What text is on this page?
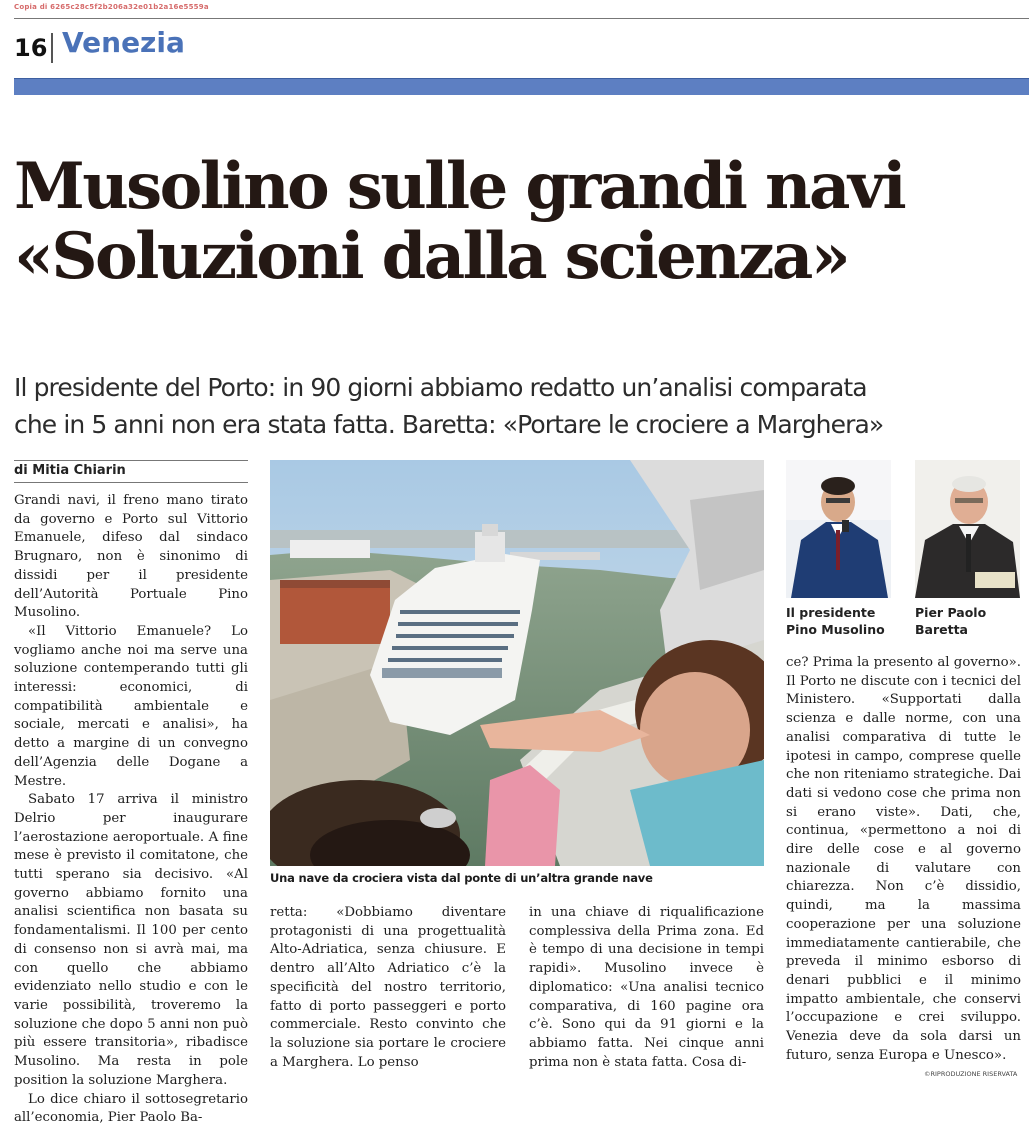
Copia di 6265c28c5f2b206a32e01b2a16e5559a
16 Venezia
Musolino sulle grandi navi
«Soluzioni dalla scienza»
Il presidente del Porto: in 90 giorni abbiamo redatto un’analisi comparata
che in 5 anni non era stata fatta. Baretta: «Portare le crociere a Marghera»
di Mitia Chiarin

Grandi navi, il freno mano tirato da governo e Porto sul Vittorio Emanuele, difeso dal sindaco Brugnaro, non è sinonimo di dissidi per il presidente dell’Autorità Portuale Pino Musolino.

«Il Vittorio Emanuele? Lo vogliamo anche noi ma serve una soluzione contemperando tutti gli interessi: economici, di compatibilità ambientale e sociale, mercati e analisi», ha detto a margine di un convegno dell’Agenzia delle Dogane a Mestre.

Sabato 17 arriva il ministro Delrio per inaugurare l’aerostazione aeroportuale. A fine mese è previsto il comitatone, che tutti sperano sia decisivo. «Al governo abbiamo fornito una analisi scientifica non basata su fondamentalismi. Il 100 per cento di consenso non si avrà mai, ma con quello che abbiamo evidenziato nello studio e con le varie possibilità, troveremo la soluzione che dopo 5 anni non può più essere transitoria», ribadisce Musolino. Ma resta in pole position la soluzione Marghera.

Lo dice chiaro il sottosegretario all’economia, Pier Paolo Ba-

Una nave da crociera vista dal ponte di un’altra grande nave
Il presidente
Pino Musolino
Pier Paolo
Baretta

retta: «Dobbiamo diventare protagonisti di una progettualità Alto-Adriatica, senza chiusure. E dentro all’Alto Adriatico c’è la specificità del nostro territorio, fatto di porto passeggeri e porto commerciale. Resto convinto che la soluzione sia portare le crociere a Marghera. Lo penso

in una chiave di riqualificazione complessiva della Prima zona. Ed è tempo di una decisione in tempi rapidi». Musolino invece è diplomatico: «Una analisi tecnico comparativa, di 160 pagine ora c’è. Sono qui da 91 giorni e la abbiamo fatta. Nei cinque anni prima non è stata fatta. Cosa di-

ce? Prima la presento al governo». Il Porto ne discute con i tecnici del Ministero. «Supportati dalla scienza e dalle norme, con una analisi comparativa di tutte le ipotesi in campo, comprese quelle che non riteniamo strategiche. Dai dati si vedono cose che prima non si erano viste». Dati, che, continua, «permettono a noi di dire delle cose e al governo nazionale di valutare con chiarezza. Non c’è dissidio, quindi, ma la massima cooperazione per una soluzione immediatamente cantierabile, che preveda il minimo esborso di denari pubblici e il minimo impatto ambientale, che conservi l’occupazione e crei sviluppo. Venezia deve da sola darsi un futuro, senza Europa e Unesco».

©RIPRODUZIONE RISERVATA
